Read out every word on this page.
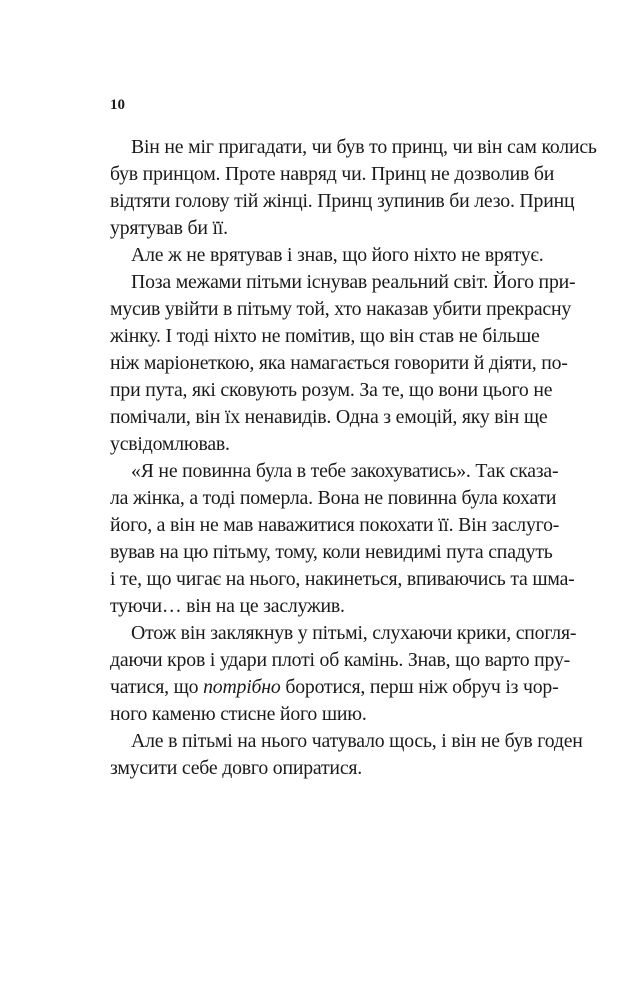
10
Він не міг пригадати, чи був то принц, чи він сам колись
був принцом. Проте навряд чи. Принц не дозволив би
відтяти голову тій жінці. Принц зупинив би лезо. Принц
урятував би її.
Але ж не врятував і знав, що його ніхто не врятує.
Поза межами пітьми існував реальний світ. Його при-
мусив увійти в пітьму той, хто наказав убити прекрасну
жінку. І тоді ніхто не помітив, що він став не більше
ніж маріонеткою, яка намагається говорити й діяти, по-
при пута, які сковують розум. За те, що вони цього не
помічали, він їх ненавидів. Одна з емоцій, яку він ще
усвідомлював.
«Я не повинна була в тебе закохуватись». Так сказа-
ла жінка, а тоді померла. Вона не повинна була кохати
його, а він не мав наважитися покохати її. Він заслуго-
вував на цю пітьму, тому, коли невидимі пута спадуть
і те, що чигає на нього, накинеться, впиваючись та шма-
туючи… він на це заслужив.
Отож він заклякнув у пітьмі, слухаючи крики, спогля-
даючи кров і удари плоті об камінь. Знав, що варто пру-
чатися, що потрібно боротися, перш ніж обруч із чор-
ного каменю стисне його шию.
Але в пітьмі на нього чатувало щось, і він не був годен
змусити себе довго опиратися.
